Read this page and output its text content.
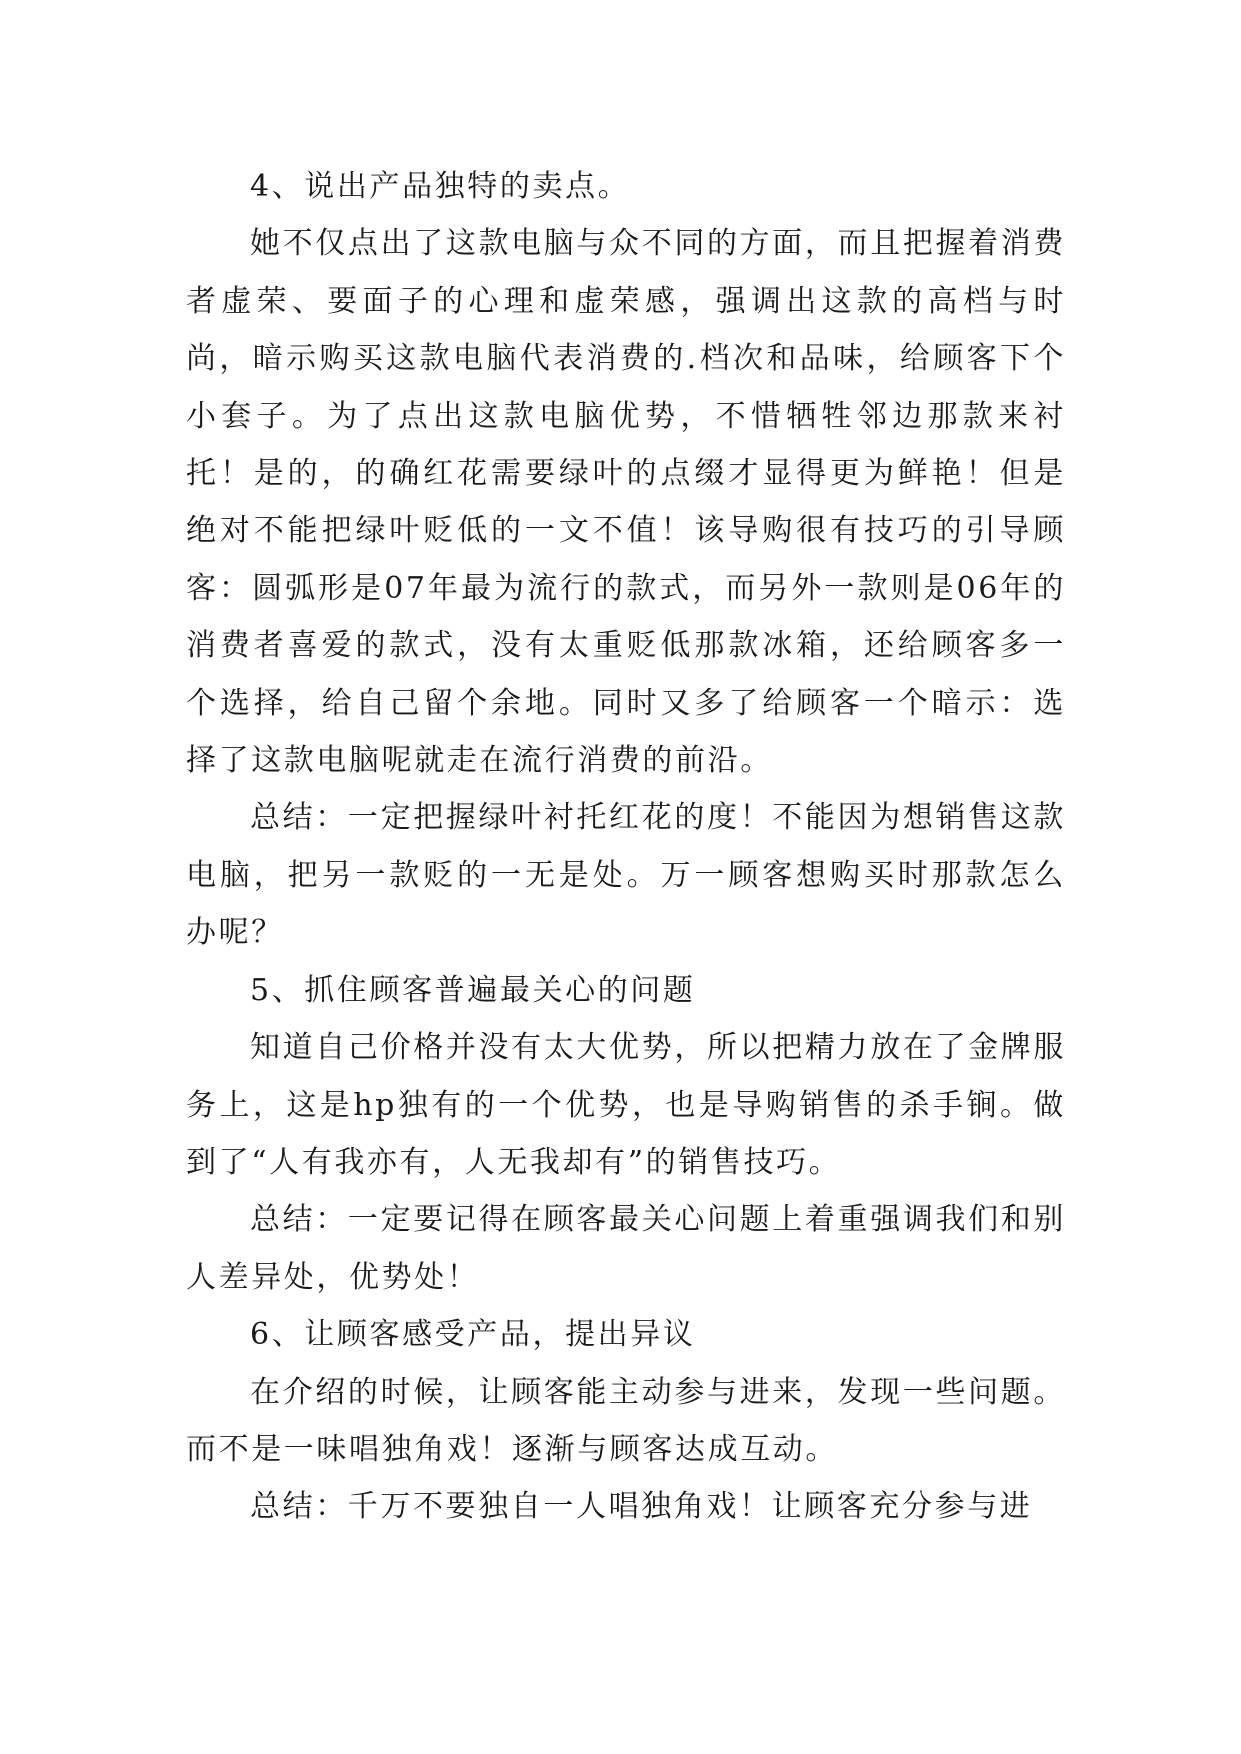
4、说出产品独特的卖点。

她不仅点出了这款电脑与众不同的方面，而且把握着消费者虚荣、要面子的心理和虚荣感，强调出这款的高档与时尚，暗示购买这款电脑代表消费的.档次和品味，给顾客下个小套子。为了点出这款电脑优势，不惜牺牲邻边那款来衬托！是的，的确红花需要绿叶的点缀才显得更为鲜艳！但是绝对不能把绿叶贬低的一文不值！该导购很有技巧的引导顾客：圆弧形是07年最为流行的款式，而另外一款则是06年的消费者喜爱的款式，没有太重贬低那款冰箱，还给顾客多一个选择，给自己留个余地。同时又多了给顾客一个暗示：选择了这款电脑呢就走在流行消费的前沿。

总结：一定把握绿叶衬托红花的度！不能因为想销售这款电脑，把另一款贬的一无是处。万一顾客想购买时那款怎么办呢？

5、抓住顾客普遍最关心的问题

知道自己价格并没有太大优势，所以把精力放在了金牌服务上，这是hp独有的一个优势，也是导购销售的杀手锏。做到了“人有我亦有，人无我却有”的销售技巧。

总结：一定要记得在顾客最关心问题上着重强调我们和别人差异处，优势处！

6、让顾客感受产品，提出异议

在介绍的时候，让顾客能主动参与进来，发现一些问题。而不是一味唱独角戏！逐渐与顾客达成互动。

总结：千万不要独自一人唱独角戏！让顾客充分参与进
